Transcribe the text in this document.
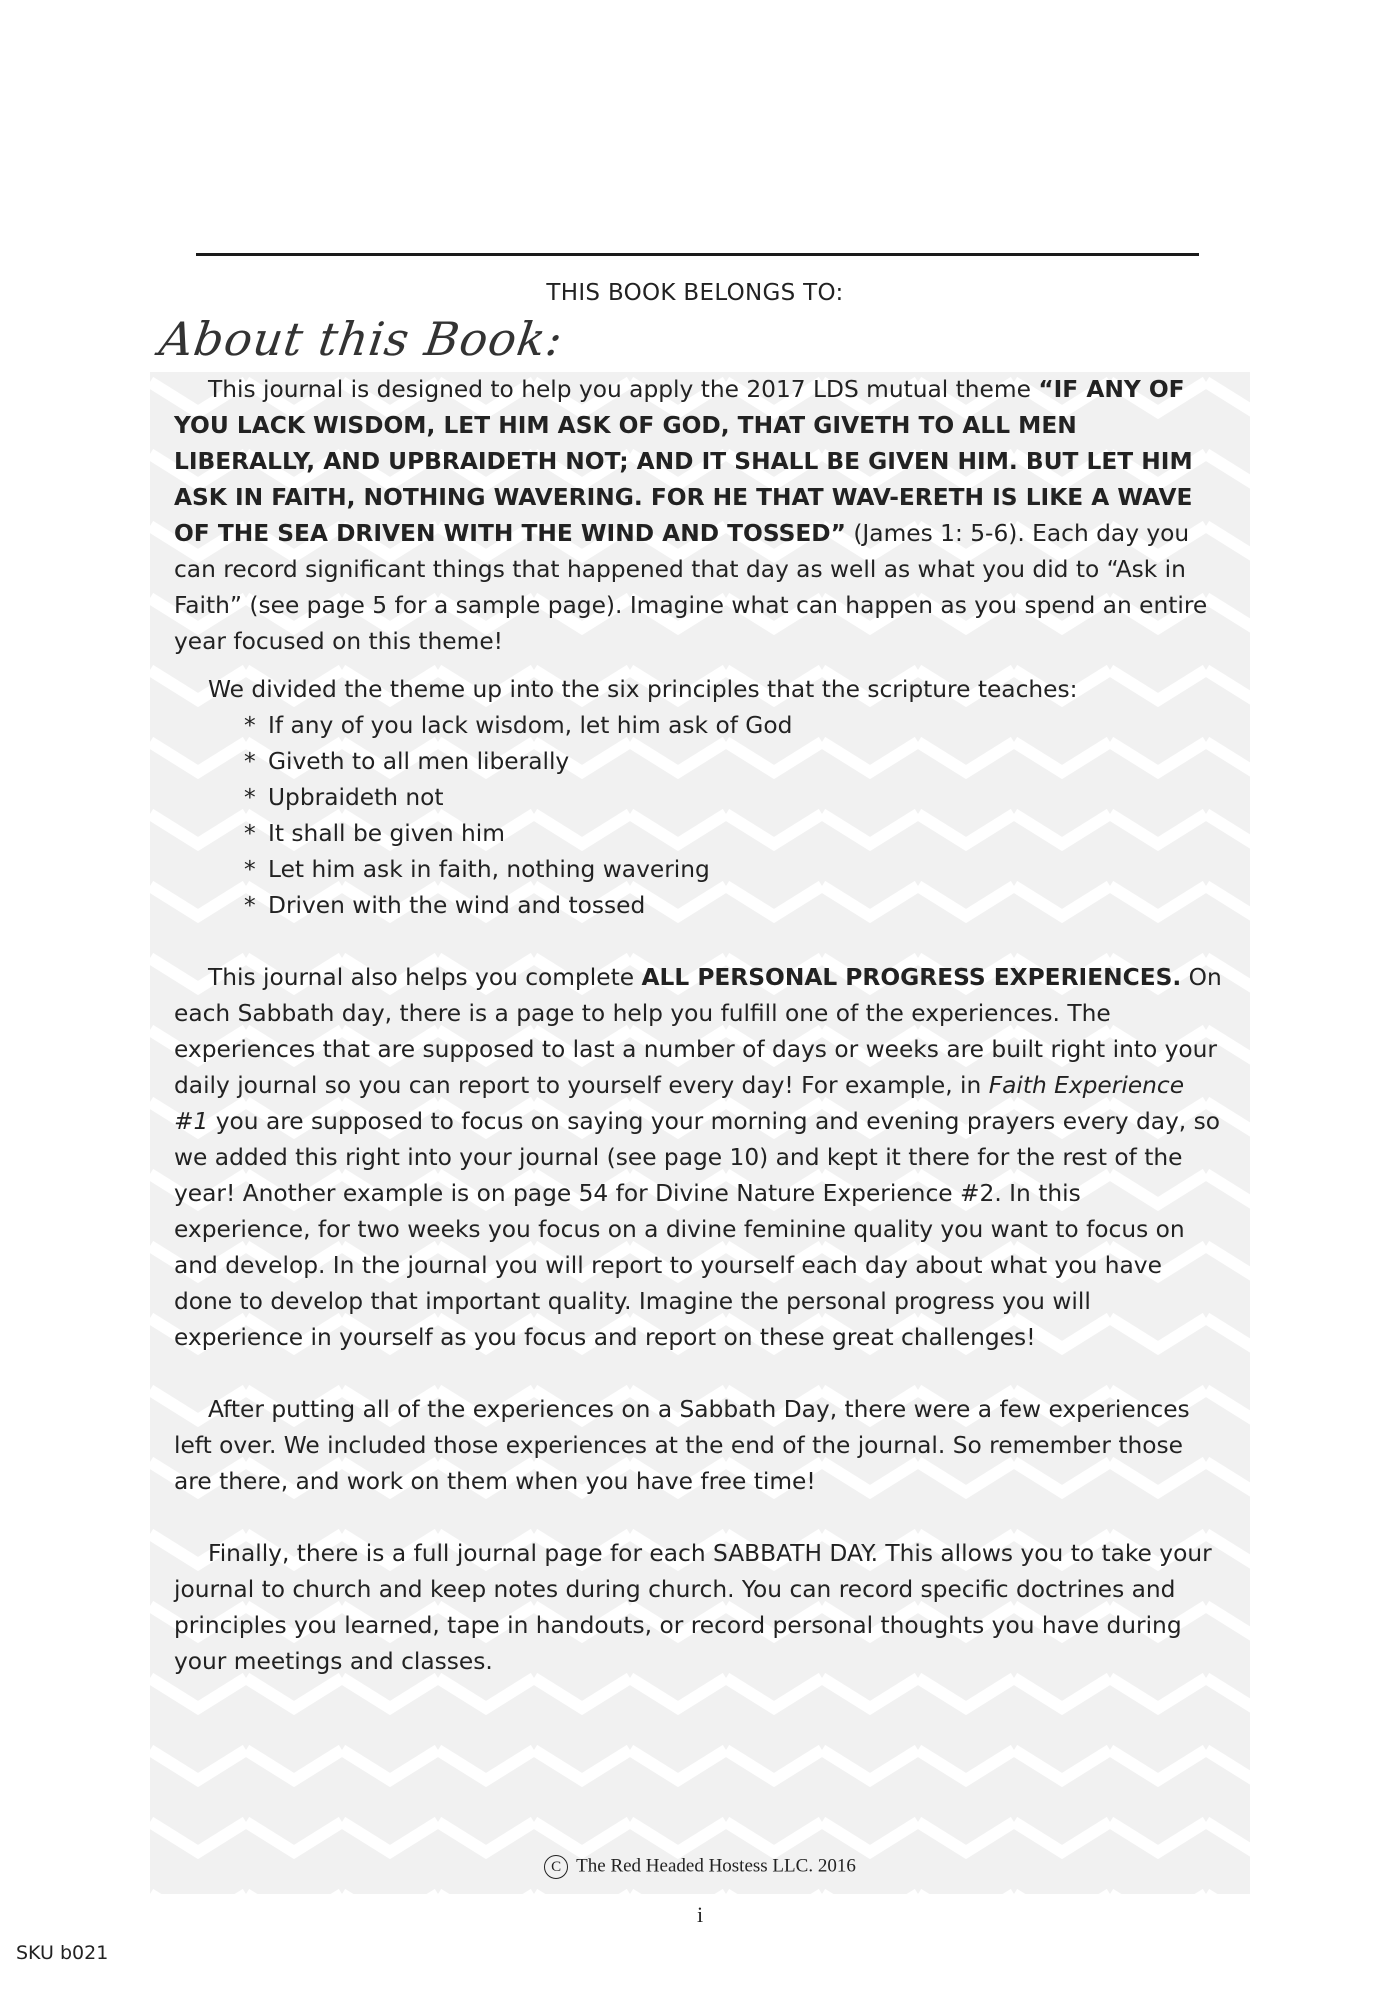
THIS BOOK BELONGS TO:
About this Book:

This journal is designed to help you apply the 2017 LDS mutual theme “IF ANY OF YOU LACK WISDOM, LET HIM ASK OF GOD, THAT GIVETH TO ALL MEN LIBERALLY, AND UPBRAIDETH NOT; AND IT SHALL BE GIVEN HIM. BUT LET HIM ASK IN FAITH, NOTHING WAVERING. FOR HE THAT WAV-ERETH IS LIKE A WAVE OF THE SEA DRIVEN WITH THE WIND AND TOSSED” (James 1: 5-6). Each day you can record significant things that happened that day as well as what you did to “Ask in Faith” (see page 5 for a sample page). Imagine what can happen as you spend an entire year focused on this theme!

We divided the theme up into the six principles that the scripture teaches:

* If any of you lack wisdom, let him ask of God
* Giveth to all men liberally
* Upbraideth not
* It shall be given him
* Let him ask in faith, nothing wavering
* Driven with the wind and tossed

This journal also helps you complete ALL PERSONAL PROGRESS EXPERIENCES. On each Sabbath day, there is a page to help you fulfill one of the experiences. The experiences that are supposed to last a number of days or weeks are built right into your daily journal so you can report to yourself every day! For example, in Faith Experience #1 you are supposed to focus on saying your morning and evening prayers every day, so we added this right into your journal (see page 10) and kept it there for the rest of the year! Another example is on page 54 for Divine Nature Experience #2. In this experience, for two weeks you focus on a divine feminine quality you want to focus on and develop. In the journal you will report to yourself each day about what you have done to develop that important quality. Imagine the personal progress you will experience in yourself as you focus and report on these great challenges!

After putting all of the experiences on a Sabbath Day, there were a few experiences left over. We included those experiences at the end of the journal. So remember those are there, and work on them when you have free time!

Finally, there is a full journal page for each SABBATH DAY. This allows you to take your journal to church and keep notes during church. You can record specific doctrines and principles you learned, tape in handouts, or record personal thoughts you have during your meetings and classes.

C The Red Headed Hostess LLC. 2016
i
SKU b021
